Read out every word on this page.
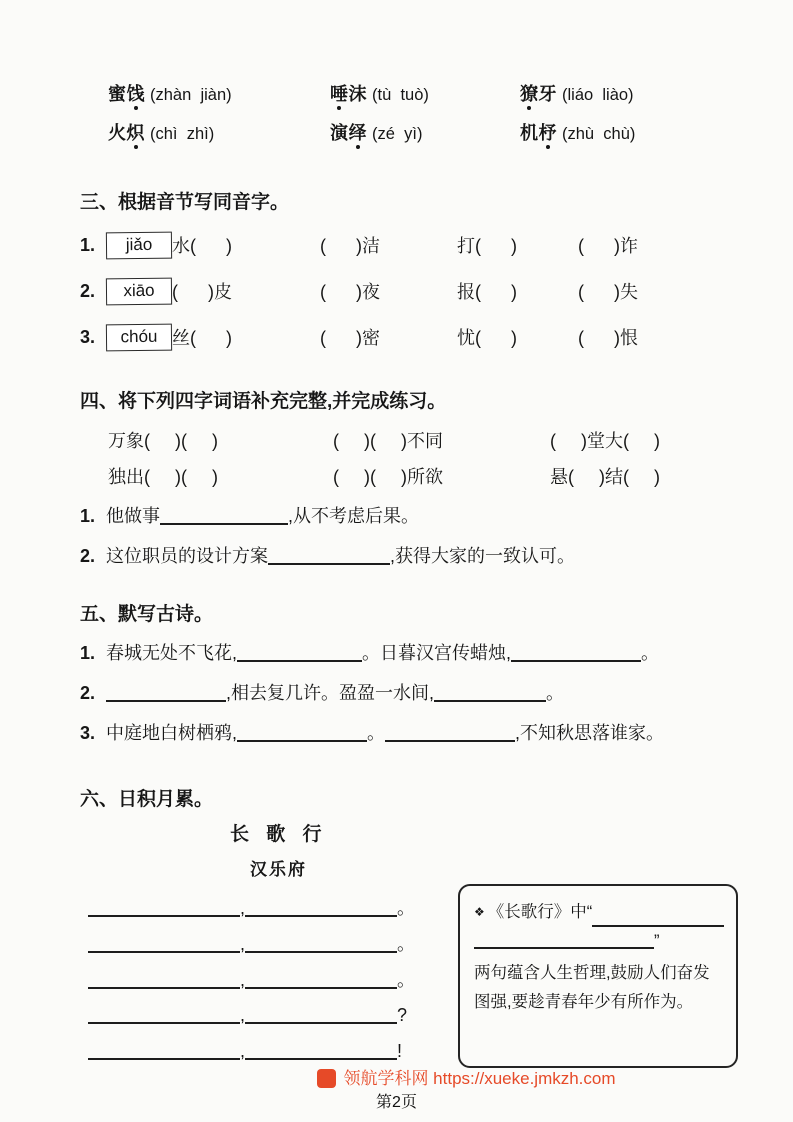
蜜饯 (zhàn  jiàn)	唾沫 (tù  tuò)	獠牙 (liáo  liào)
火炽 (chì  zhì)	演绎 (zé  yì)	机杼 (zhù  chù)
三、根据音节写同音字。
1.	jiǎo	水(      )	(      )洁	打(      )	(      )诈
2.	xiāo (      )皮	(      )夜	报(      )	(      )失
3.	chóu 丝(      )	(      )密	忧(      )	(      )恨
四、将下列四字词语补充完整,并完成练习。
万象(     )(     )	(     )(     )不同	(     )堂大(     )
独出(     )(     )	(     )(     )所欲	悬(     )结(     )
1. 他做事	,从不考虑后果。
2. 这位职员的设计方案	,获得大家的一致认可。
五、默写古诗。
1. 春城无处不飞花,	。日暮汉宫传蜡烛,	。
2.	,相去复几许。盈盈一水间,	。
3. 中庭地白树栖鸦,	。	,不知秋思落谁家。
六、日积月累。
长 歌 行
汉乐府
,	。
,	。
,	。
,	?
,	!
❖ 《长歌行》中“
”
两句蕴含人生哲理,鼓励人们奋发图强,要趁青春年少有所作为。
领航学科网 https://xueke.jmkzh.com
第2页
